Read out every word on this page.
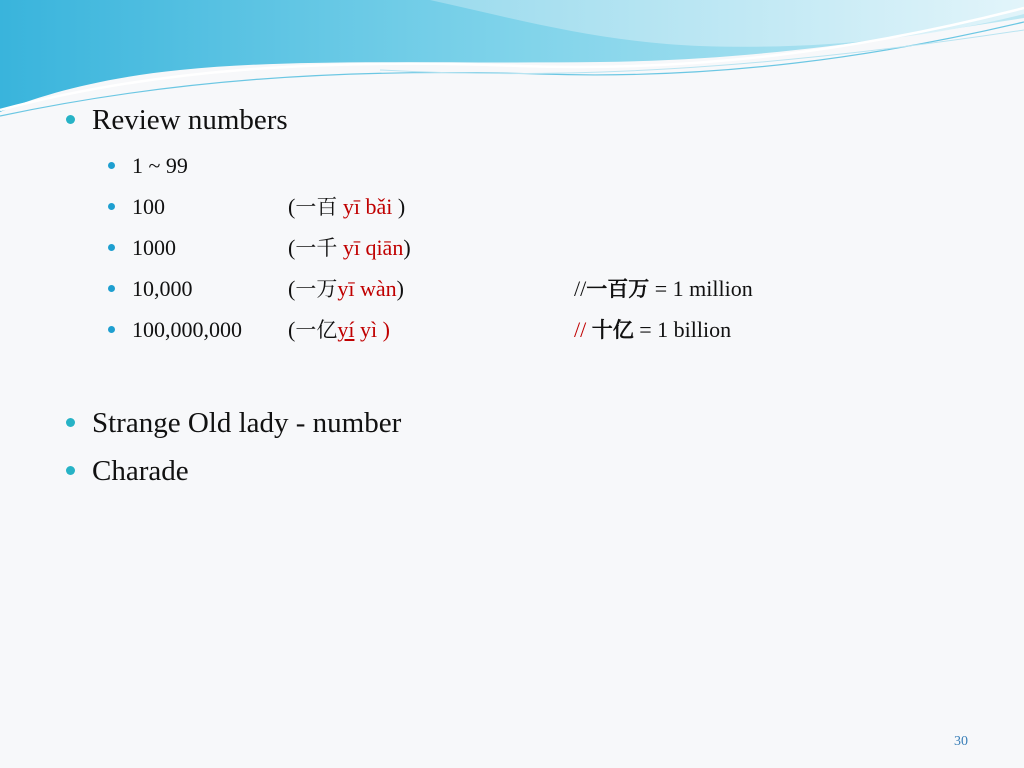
Review numbers
1 ~ 99
100	(一百 yī bǎi )
1000	(一千 yī qiān)
10,000	(一万yī wàn)	//一百万 = 1 million
100,000,000 (一亿yí yì )	// 十亿 = 1 billion
Strange Old lady - number
Charade
30
